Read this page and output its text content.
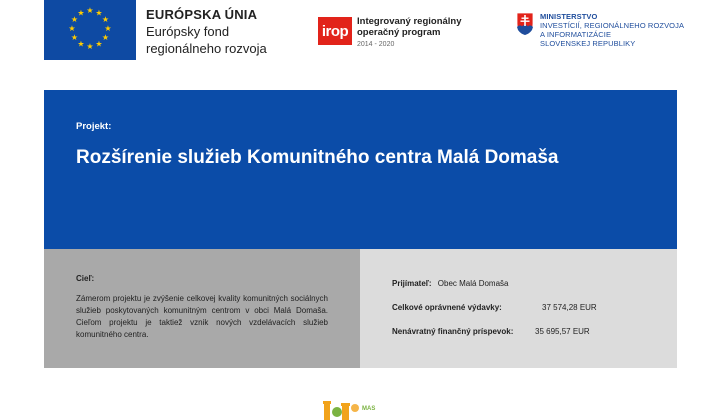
★ ★
★
★
★
★
★
★
★
★
★
★	EURÓPSKA ÚNIA
Európsky fond
regionálneho rozvoja
irop
Integrovaný regionálny
operačný program
2014 - 2020
MINISTERSTVO
INVESTÍCIÍ, REGIONÁLNEHO ROZVOJA
A INFORMATIZÁCIE
SLOVENSKEJ REPUBLIKY
Projekt:
Rozšírenie služieb Komunitného centra Malá Domaša
Cieľ:
Zámerom projektu je zvýšenie celkovej kvality komunitných sociálnych služieb poskytovaných komunitným centrom v obci Malá Domaša. Cieľom projektu je taktiež vznik nových vzdelávacích služieb komunitného centra.
Prijímateľ: Obec Malá Domaša
Celkové oprávnené výdavky:	37 574,28 EUR
Nenávratný finančný príspevok:	35 695,57 EUR
MAS
